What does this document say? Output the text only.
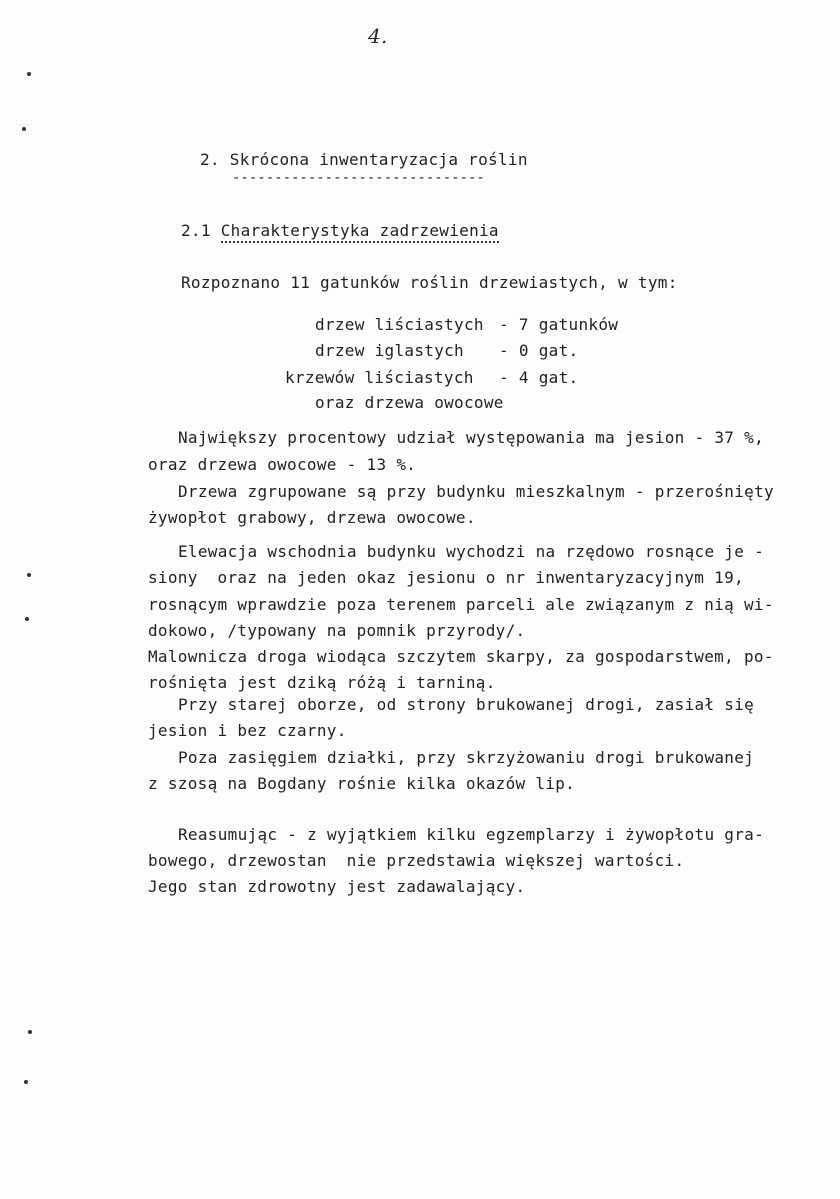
4.
2. Skrócona inwentaryzacja roślin
------------------------------
2.1 Charakterystyka zadrzewienia
Rozpoznano 11 gatunków roślin drzewiastych, w tym:
drzew liściastych - 7 gatunków
drzew iglastych - 0 gat.
krzewów liściastych - 4 gat.
oraz drzewa owocowe
Największy procentowy udział występowania ma jesion - 37 %,
oraz drzewa owocowe - 13 %.
Drzewa zgrupowane są przy budynku mieszkalnym - przerośnięty
żywopłot grabowy, drzewa owocowe.
Elewacja wschodnia budynku wychodzi na rzędowo rosnące je -
siony  oraz na jeden okaz jesionu o nr inwentaryzacyjnym 19,
rosnącym wprawdzie poza terenem parceli ale związanym z nią wi-
dokowo, /typowany na pomnik przyrody/.
Malownicza droga wiodąca szczytem skarpy, za gospodarstwem, po-
rośnięta jest dziką różą i tarniną.
Przy starej oborze, od strony brukowanej drogi, zasiał się
jesion i bez czarny.
Poza zasięgiem działki, przy skrzyżowaniu drogi brukowanej
z szosą na Bogdany rośnie kilka okazów lip.
Reasumując - z wyjątkiem kilku egzemplarzy i żywopłotu gra-
bowego, drzewostan  nie przedstawia większej wartości.
Jego stan zdrowotny jest zadawalający.
